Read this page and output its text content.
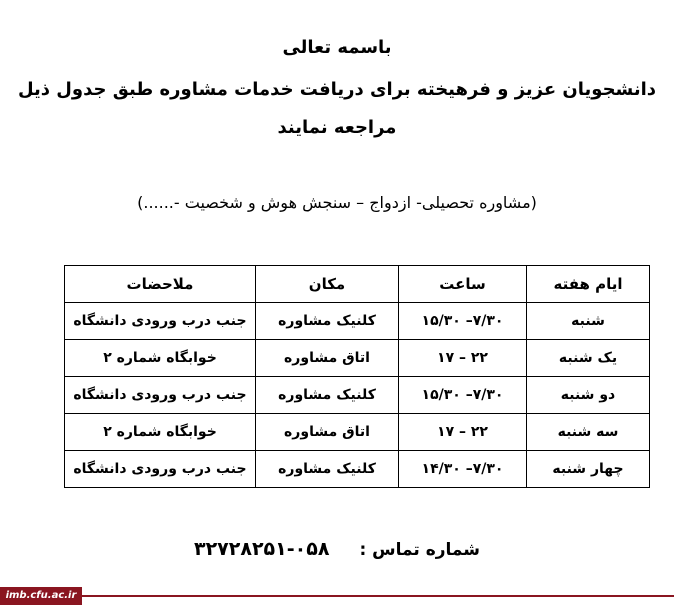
باسمه تعالی
دانشجویان عزیز و فرهیخته برای دریافت خدمات مشاوره طبق جدول ذیل
مراجعه نمایند
(مشاوره تحصیلی- ازدواج – سنجش هوش و شخصیت -......)
ایام هفته	ساعت	مکان	ملاحضات
شنبه	۷/۳۰– ۱۵/۳۰	کلنیک مشاوره	جنب درب ورودی دانشگاه
یک شنبه	۲۲ – ۱۷	اتاق مشاوره	خوابگاه شماره ۲
دو شنبه	۷/۳۰– ۱۵/۳۰	کلنیک مشاوره	جنب درب ورودی دانشگاه
سه شنبه	۲۲ – ۱۷	اتاق مشاوره	خوابگاه شماره ۲
چهار شنبه	۷/۳۰– ۱۴/۳۰	کلنیک مشاوره	جنب درب ورودی دانشگاه
شماره تماس :۰۵۸-۳۲۷۲۸۲۵۱
imb.cfu.ac.ir
